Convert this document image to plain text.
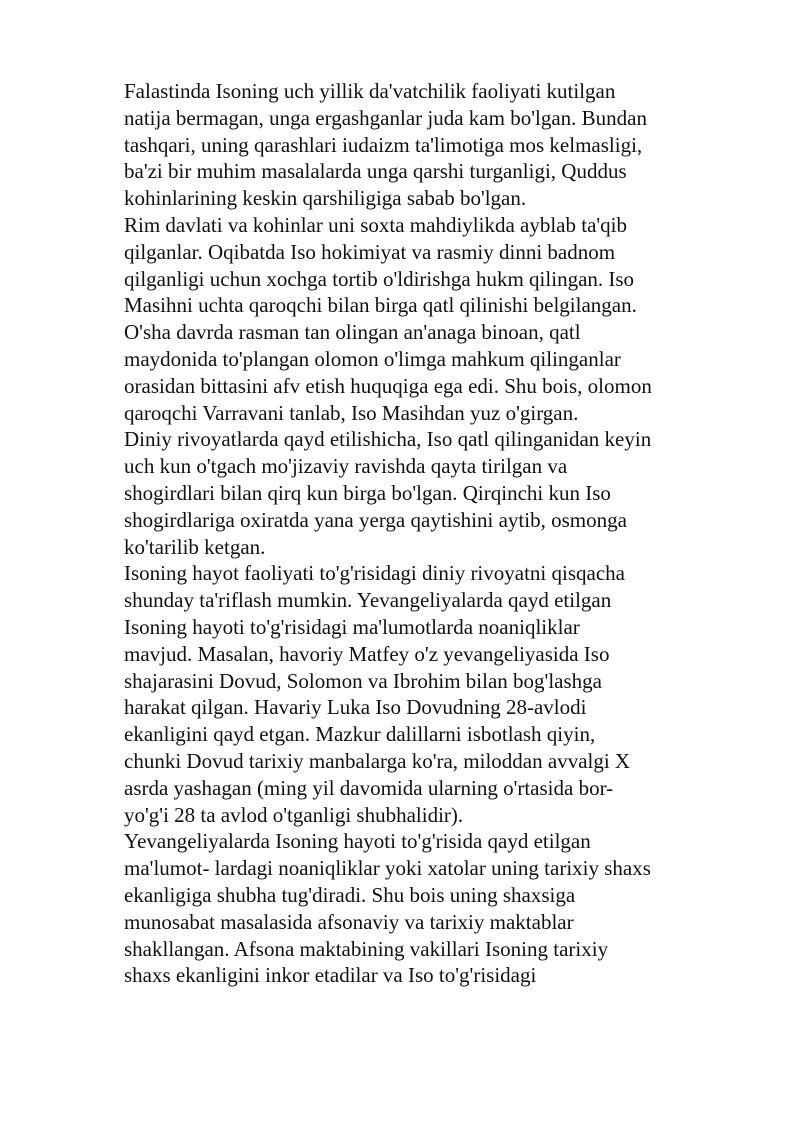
Falastinda Isoning uch yillik da'vatchilik faoliyati kutilgan
natija bermagan, unga ergashganlar juda kam bo'lgan. Bundan
tashqari, uning qarashlari iudaizm ta'limotiga mos kelmasligi,
ba'zi bir muhim masalalarda unga qarshi turganligi, Quddus
kohinlarining keskin qarshiligiga sabab bo'lgan.
Rim davlati va kohinlar uni soxta mahdiylikda ayblab ta'qib
qilganlar. Oqibatda Iso hokimiyat va rasmiy dinni badnom
qilganligi uchun xochga tortib o'ldirishga hukm qilingan. Iso
Masihni uchta qaroqchi bilan birga qatl qilinishi belgilangan.
O'sha davrda rasman tan olingan an'anaga binoan, qatl
maydonida to'plangan olomon o'limga mahkum qilinganlar
orasidan bittasini afv etish huquqiga ega edi. Shu bois, olomon
qaroqchi Varravani tanlab, Iso Masihdan yuz o'girgan.
Diniy rivoyatlarda qayd etilishicha, Iso qatl qilinganidan keyin
uch kun o'tgach mo'jizaviy ravishda qayta tirilgan va
shogirdlari bilan qirq kun birga bo'lgan. Qirqinchi kun Iso
shogirdlariga oxiratda yana yerga qaytishini aytib, osmonga
ko'tarilib ketgan.
Isoning hayot faoliyati to'g'risidagi diniy rivoyatni qisqacha
shunday ta'riflash mumkin. Yevangeliyalarda qayd etilgan
Isoning hayoti to'g'risidagi ma'lumotlarda noaniqliklar
mavjud. Masalan, havoriy Matfey o'z yevangeliyasida Iso
shajarasini Dovud, Solomon va Ibrohim bilan bog'lashga
harakat qilgan. Havariy Luka Iso Dovudning 28-avlodi
ekanligini qayd etgan. Mazkur dalillarni isbotlash qiyin,
chunki Dovud tarixiy manbalarga ko'ra, miloddan avvalgi X
asrda yashagan (ming yil davomida ularning o'rtasida bor-
yo'g'i 28 ta avlod o'tganligi shubhalidir).
Yevangeliyalarda Isoning hayoti to'g'risida qayd etilgan
ma'lumot- lardagi noaniqliklar yoki xatolar uning tarixiy shaxs
ekanligiga shubha tug'diradi. Shu bois uning shaxsiga
munosabat masalasida afsonaviy va tarixiy maktablar
shakllangan. Afsona maktabining vakillari Isoning tarixiy
shaxs ekanligini inkor etadilar va Iso to'g'risidagi
